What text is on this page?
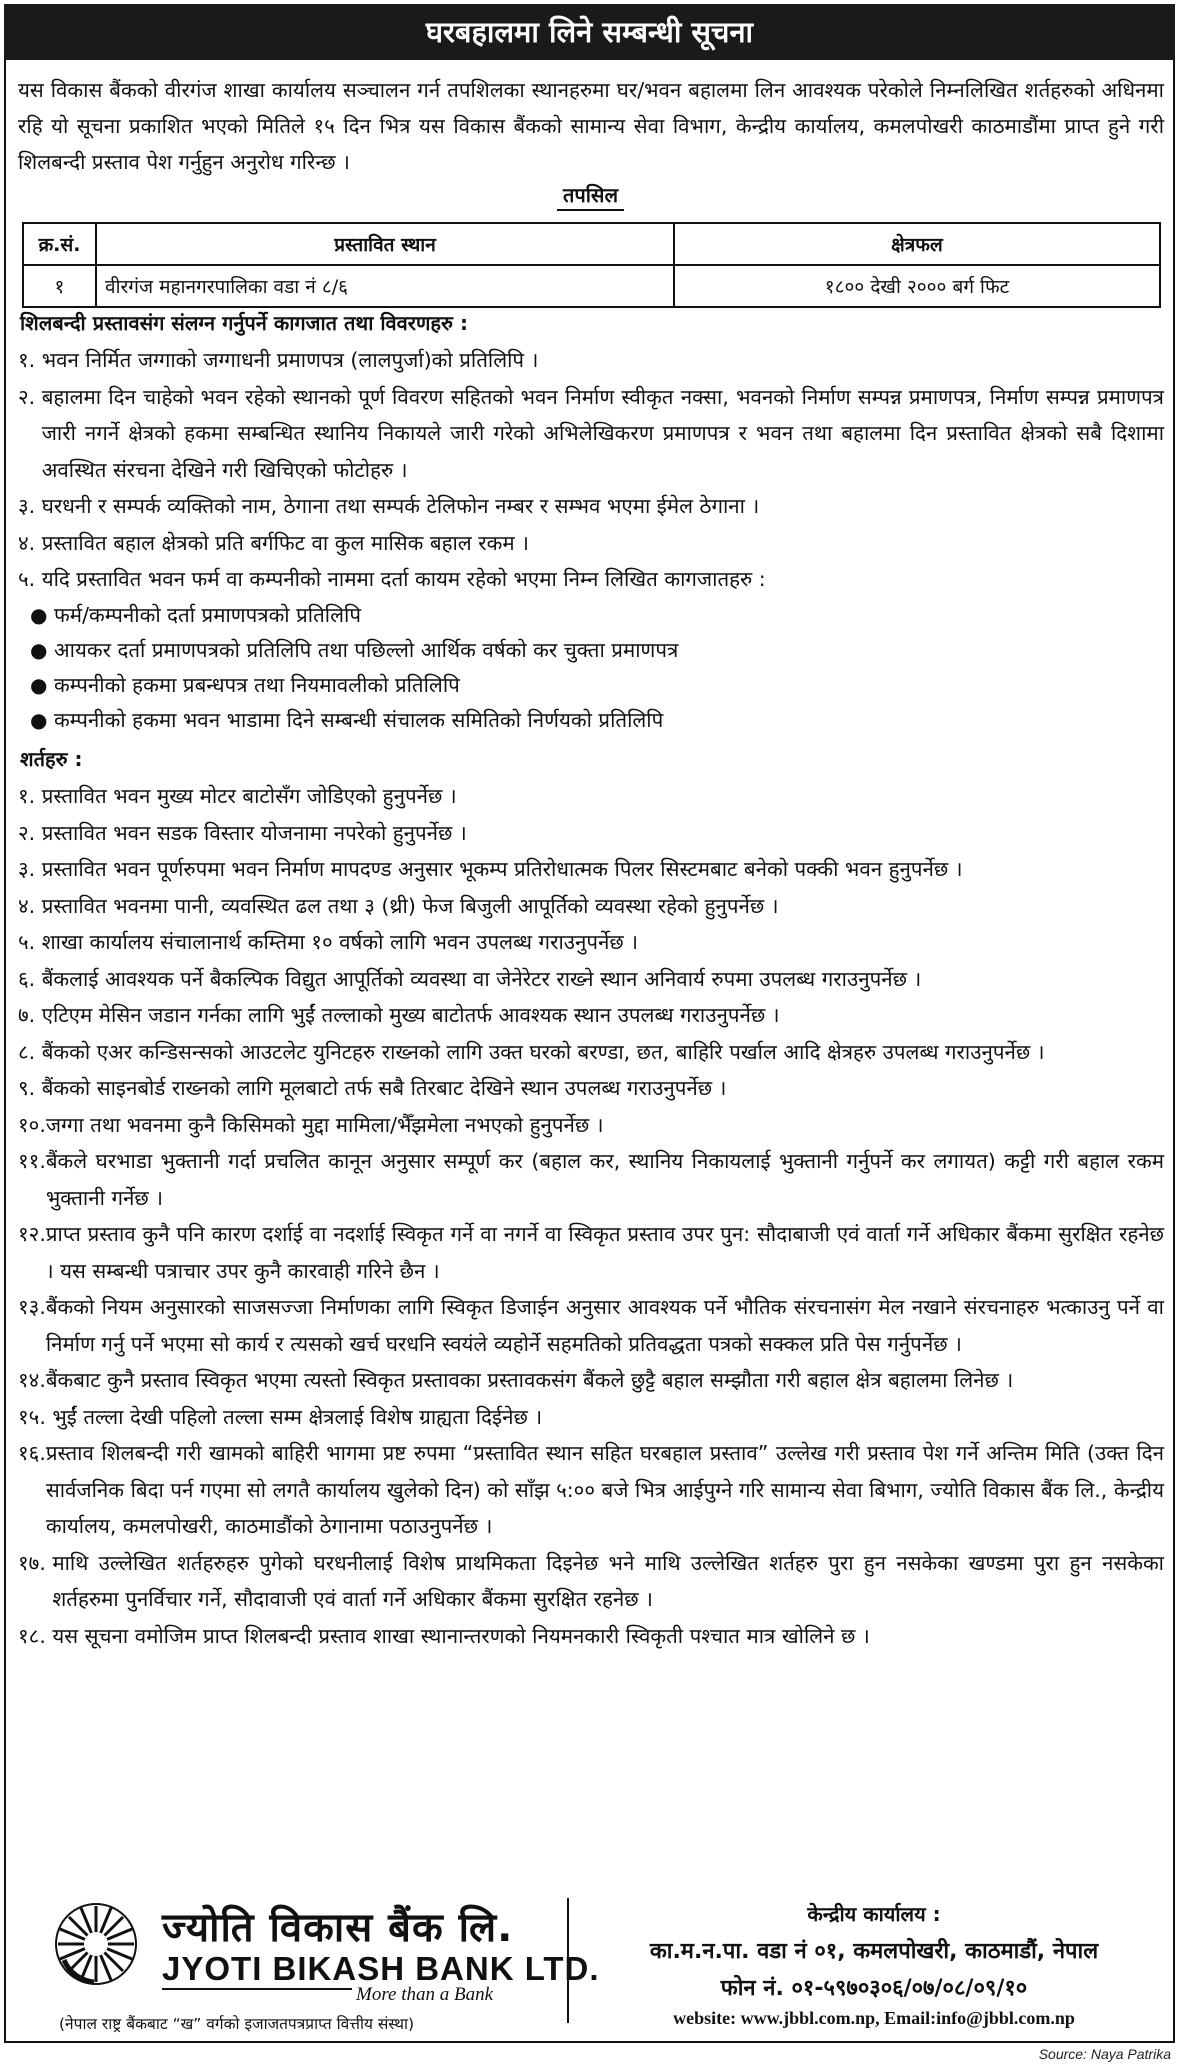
घरबहालमा लिने सम्बन्धी सूचना
यस विकास बैंकको वीरगंज शाखा कार्यालय सञ्चालन गर्न तपशिलका स्थानहरुमा घर/भवन बहालमा लिन आवश्यक परेकोले निम्नलिखित शर्तहरुको अधिनमा रहि यो सूचना प्रकाशित भएको मितिले १५ दिन भित्र यस विकास बैंकको सामान्य सेवा विभाग, केन्द्रीय कार्यालय, कमलपोखरी काठमाडौंमा प्राप्त हुने गरी शिलबन्दी प्रस्ताव पेश गर्नुहुन अनुरोध गरिन्छ ।
तपसिल
क्र.सं.	प्रस्तावित स्थान	क्षेत्रफल
१	वीरगंज महानगरपालिका वडा नं ८/६	१८०० देखी २००० बर्ग फिट
शिलबन्दी प्रस्तावसंग संलग्न गर्नुपर्ने कागजात तथा विवरणहरु :
१. भवन निर्मित जग्गाको जग्गाधनी प्रमाणपत्र (लालपुर्जा)को प्रतिलिपि ।
२. बहालमा दिन चाहेको भवन रहेको स्थानको पूर्ण विवरण सहितको भवन निर्माण स्वीकृत नक्सा, भवनको निर्माण सम्पन्न प्रमाणपत्र, निर्माण सम्पन्न प्रमाणपत्र जारी नगर्ने क्षेत्रको हकमा सम्बन्धित स्थानिय निकायले जारी गरेको अभिलेखिकरण प्रमाणपत्र र भवन तथा बहालमा दिन प्रस्तावित क्षेत्रको सबै दिशामा अवस्थित संरचना देखिने गरी खिचिएको फोटोहरु ।
३. घरधनी र सम्पर्क व्यक्तिको नाम, ठेगाना तथा सम्पर्क टेलिफोन नम्बर र सम्भव भएमा ईमेल ठेगाना ।
४. प्रस्तावित बहाल क्षेत्रको प्रति बर्गफिट वा कुल मासिक बहाल रकम ।
५. यदि प्रस्तावित भवन फर्म वा कम्पनीको नाममा दर्ता कायम रहेको भएमा निम्न लिखित कागजातहरु :
● फर्म/कम्पनीको दर्ता प्रमाणपत्रको प्रतिलिपि
● आयकर दर्ता प्रमाणपत्रको प्रतिलिपि तथा पछिल्लो आर्थिक वर्षको कर चुक्ता प्रमाणपत्र
● कम्पनीको हकमा प्रबन्धपत्र तथा नियमावलीको प्रतिलिपि
● कम्पनीको हकमा भवन भाडामा दिने सम्बन्धी संचालक समितिको निर्णयको प्रतिलिपि
शर्तहरु :
१. प्रस्तावित भवन मुख्य मोटर बाटोसँग जोडिएको हुनुपर्नेछ ।
२. प्रस्तावित भवन सडक विस्तार योजनामा नपरेको हुनुपर्नेछ ।
३. प्रस्तावित भवन पूर्णरुपमा भवन निर्माण मापदण्ड अनुसार भूकम्प प्रतिरोधात्मक पिलर सिस्टमबाट बनेको पक्की भवन हुनुपर्नेछ ।
४. प्रस्तावित भवनमा पानी, व्यवस्थित ढल तथा ३ (थ्री) फेज बिजुली आपूर्तिको व्यवस्था रहेको हुनुपर्नेछ ।
५. शाखा कार्यालय संचालानार्थ कम्तिमा १० वर्षको लागि भवन उपलब्ध गराउनुपर्नेछ ।
६. बैंकलाई आवश्यक पर्ने बैकल्पिक विद्युत आपूर्तिको व्यवस्था वा जेनेरेटर राख्ने स्थान अनिवार्य रुपमा उपलब्ध गराउनुपर्नेछ ।
७. एटिएम मेसिन जडान गर्नका लागि भुईं तल्लाको मुख्य बाटोतर्फ आवश्यक स्थान उपलब्ध गराउनुपर्नेछ ।
८. बैंकको एअर कन्डिसन्सको आउटलेट युनिटहरु राख्नको लागि उक्त घरको बरण्डा, छत, बाहिरि पर्खाल आदि क्षेत्रहरु उपलब्ध गराउनुपर्नेछ ।
९. बैंकको साइनबोर्ड राख्नको लागि मूलबाटो तर्फ सबै तिरबाट देखिने स्थान उपलब्ध गराउनुपर्नेछ ।
१०. जग्गा तथा भवनमा कुनै किसिमको मुद्दा मामिला/भैँझमेला नभएको हुनुपर्नेछ ।
११. बैंकले घरभाडा भुक्तानी गर्दा प्रचलित कानून अनुसार सम्पूर्ण कर (बहाल कर, स्थानिय निकायलाई भुक्तानी गर्नुपर्ने कर लगायत) कट्टी गरी बहाल रकम भुक्तानी गर्नेछ ।
१२. प्राप्त प्रस्ताव कुनै पनि कारण दर्शाई वा नदर्शाई स्विकृत गर्ने वा नगर्ने वा स्विकृत प्रस्ताव उपर पुन: सौदाबाजी एवं वार्ता गर्ने अधिकार बैंकमा सुरक्षित रहनेछ । यस सम्बन्धी पत्राचार उपर कुनै कारवाही गरिने छैन ।
१३. बैंकको नियम अनुसारको साजसज्जा निर्माणका लागि स्विकृत डिजाईन अनुसार आवश्यक पर्ने भौतिक संरचनासंग मेल नखाने संरचनाहरु भत्काउनु पर्ने वा निर्माण गर्नु पर्ने भएमा सो कार्य र त्यसको खर्च घरधनि स्वयंले व्यहोर्ने सहमतिको प्रतिवद्धता पत्रको सक्कल प्रति पेस गर्नुपर्नेछ ।
१४. बैंकबाट कुनै प्रस्ताव स्विकृत भएमा त्यस्तो स्विकृत प्रस्तावका प्रस्तावकसंग बैंकले छुट्टै बहाल सम्झौता गरी बहाल क्षेत्र बहालमा लिनेछ ।
१५. भुईं तल्ला देखी पहिलो तल्ला सम्म क्षेत्रलाई विशेष ग्राह्यता दिईनेछ ।
१६. प्रस्ताव शिलबन्दी गरी खामको बाहिरी भागमा प्रष्ट रुपमा “प्रस्तावित स्थान सहित घरबहाल प्रस्ताव” उल्लेख गरी प्रस्ताव पेश गर्ने अन्तिम मिति (उक्त दिन सार्वजनिक बिदा पर्न गएमा सो लगतै कार्यालय खुलेको दिन) को साँझ ५:०० बजे भित्र आईपुग्ने गरि सामान्य सेवा बिभाग, ज्योति विकास बैंक लि., केन्द्रीय कार्यालय, कमलपोखरी, काठमाडौंको ठेगानामा पठाउनुपर्नेछ ।
१७. माथि उल्लेखित शर्तहरुहरु पुगेको घरधनीलाई विशेष प्राथमिकता दिइनेछ भने माथि उल्लेखित शर्तहरु पुरा हुन नसकेका खण्डमा पुरा हुन नसकेका शर्तहरुमा पुनर्विचार गर्ने, सौदावाजी एवं वार्ता गर्ने अधिकार बैंकमा सुरक्षित रहनेछ ।
१८. यस सूचना वमोजिम प्राप्त शिलबन्दी प्रस्ताव शाखा स्थानान्तरणको नियमनकारी स्विकृती पश्चात मात्र खोलिने छ ।
ज्योति विकास बैंक लि.
JYOTI BIKASH BANK LTD.
More than a Bank
(नेपाल राष्ट्र बैंकबाट “ख” वर्गको इजाजतपत्रप्राप्त वित्तीय संस्था)
केन्द्रीय कार्यालय :
का.म.न.पा. वडा नं ०१, कमलपोखरी, काठमाडौं, नेपाल
फोन नं. ०१-५९७०३०६/०७/०८/०९/१०
website: www.jbbl.com.np, Email:info@jbbl.com.np
Source: Naya Patrika
